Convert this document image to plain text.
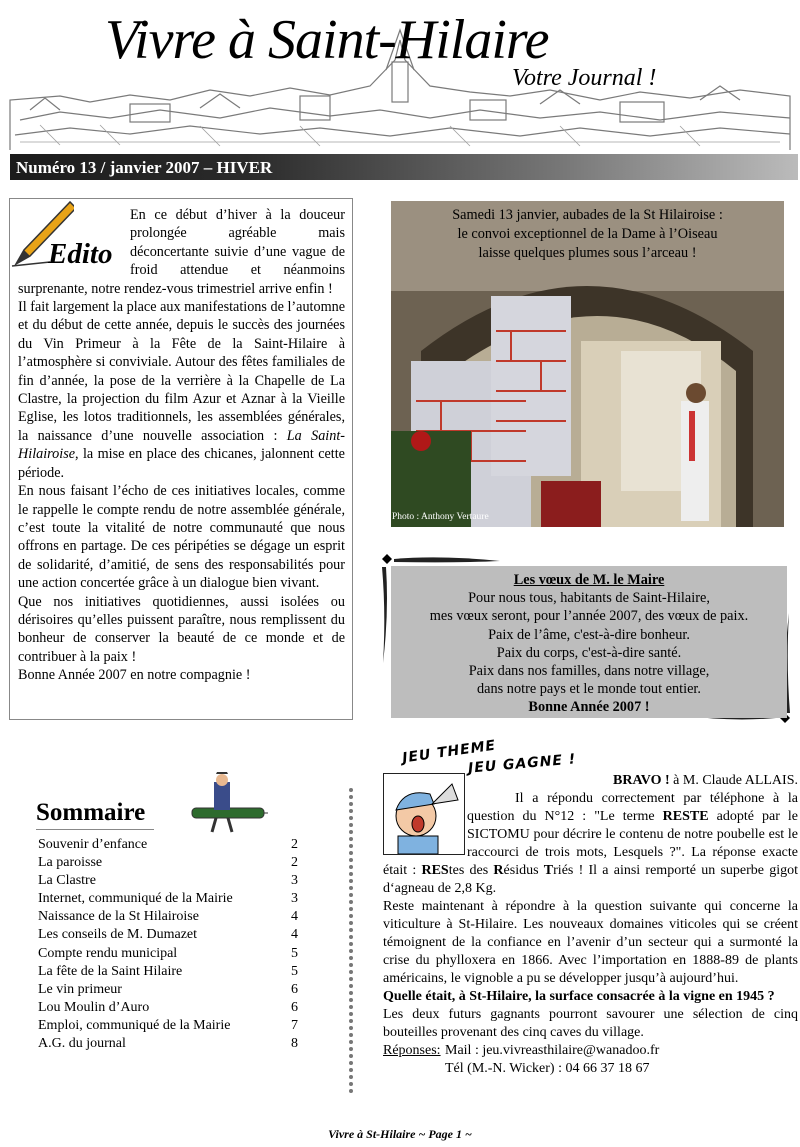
Vivre à Saint-Hilaire
Votre Journal !
Numéro 13 / janvier 2007 – HIVER

En ce début d’hiver à la douceur prolongée agréable mais déconcertante suivie d’une vague de froid attendue et néanmoins surprenante, notre rendez-vous trimestriel arrive enfin !

Il fait largement la place aux manifestations de l’automne et du début de cette année, depuis le succès des journées du Vin Primeur à la Fête de la Saint-Hilaire à l’atmosphère si conviviale. Autour des fêtes familiales de fin d’année, la pose de la verrière à la Chapelle de La Clastre, la projection du film Azur et Aznar à la Vieille Eglise, les lotos traditionnels, les assemblées générales, la naissance d’une nouvelle association : La Saint-Hilairoise, la mise en place des chicanes, jalonnent cette période.

En nous faisant l’écho de ces initiatives locales, comme le rappelle le compte rendu de notre assemblée générale, c’est toute la vitalité de notre communauté que nous offrons en partage. De ces péripéties se dégage un esprit de solidarité, d’amitié, de sens des responsabilités pour une action concertée grâce à un dialogue bien vivant.

Que nos initiatives quotidiennes, aussi isolées ou dérisoires qu’elles puissent paraître, nous remplissent du bonheur de conserver la beauté de ce monde et de contribuer à la paix !

Bonne Année 2007 en notre compagnie !

Edito
Samedi 13 janvier, aubades de la St Hilairoise :
le convoi exceptionnel de la Dame à l’Oiseau
laisse quelques plumes sous l’arceau !
Photo : Anthony Vertaure
Les vœux de M. le Maire
Pour nous tous, habitants de Saint-Hilaire,
mes vœux seront, pour l’année 2007, des vœux de paix.
Paix de l’âme, c'est-à-dire bonheur.
Paix du corps, c'est-à-dire santé.
Paix dans nos familles, dans notre village,
dans notre pays et le monde tout entier.
Bonne Année 2007 !
JEU THEME
JEU GAGNE !

BRAVO ! à M. Claude ALLAIS.

Il a répondu correctement par téléphone à la question du N°12 : "Le terme RESTE adopté par le SICTOMU pour décrire le contenu de notre poubelle est le raccourci de trois mots, Lesquels ?". La réponse exacte était : REStes des Résidus Triés ! Il a ainsi remporté un superbe gigot d‘agneau de 2,8 Kg.

Reste maintenant à répondre à la question suivante qui concerne la viticulture à St-Hilaire. Les nouveaux domaines viticoles qui se créent témoignent de la confiance en l’avenir d’un secteur qui a surmonté la crise du phylloxera en 1866. Avec l’importation en 1888-89 de plants américains, le vignoble a pu se développer jusqu’à aujourd’hui.

Quelle était, à St-Hilaire, la surface consacrée à la vigne en 1945 ?

Les deux futurs gagnants pourront savourer une sélection de cinq bouteilles provenant des cinq caves du village.

Réponses: Mail : jeu.vivreasthilaire@wanadoo.fr
Tél (M.-N. Wicker) : 04 66 37 18 67
Sommaire
Souvenir d’enfance	2
La paroisse	2
La Clastre	3
Internet, communiqué de la Mairie	3
Naissance de la St Hilairoise	4
Les conseils de M. Dumazet	4
Compte rendu municipal	5
La fête de la Saint Hilaire	5
Le vin primeur	6
Lou Moulin d’Auro	6
Emploi, communiqué de la Mairie	7
A.G. du journal	8
Vivre à St-Hilaire ~ Page 1 ~
